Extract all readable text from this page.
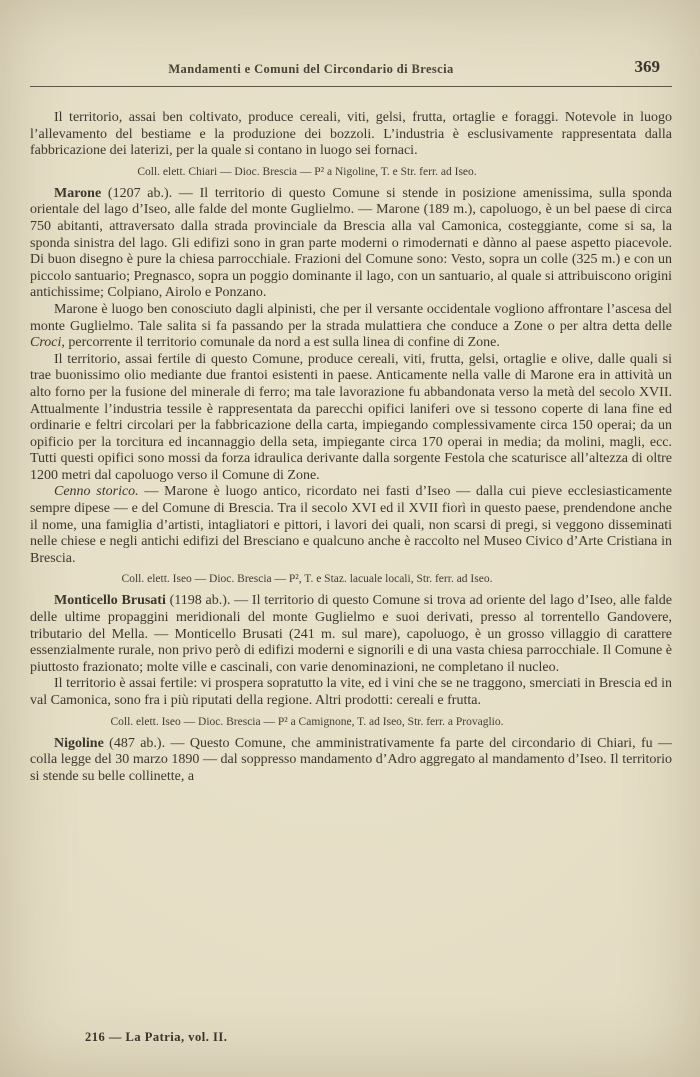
Mandamenti e Comuni del Circondario di Brescia	369

Il territorio, assai ben coltivato, produce cereali, viti, gelsi, frutta, ortaglie e foraggi. Notevole in luogo l’allevamento del bestiame e la produzione dei bozzoli. L’industria è esclusivamente rappresentata dalla fabbricazione dei laterizi, per la quale si contano in luogo sei fornaci.

Coll. elett. Chiari — Dioc. Brescia — P² a Nigoline, T. e Str. ferr. ad Iseo.

Marone (1207 ab.). — Il territorio di questo Comune si stende in posizione amenissima, sulla sponda orientale del lago d’Iseo, alle falde del monte Guglielmo. — Marone (189 m.), capoluogo, è un bel paese di circa 750 abitanti, attraversato dalla strada provinciale da Brescia alla val Camonica, costeggiante, come si sa, la sponda sinistra del lago. Gli edifizi sono in gran parte moderni o rimodernati e dànno al paese aspetto piacevole. Di buon disegno è pure la chiesa parrocchiale. Frazioni del Comune sono: Vesto, sopra un colle (325 m.) e con un piccolo santuario; Pregnasco, sopra un poggio dominante il lago, con un santuario, al quale si attribuiscono origini antichissime; Colpiano, Airolo e Ponzano.

Marone è luogo ben conosciuto dagli alpinisti, che per il versante occidentale vogliono affrontare l’ascesa del monte Guglielmo. Tale salita si fa passando per la strada mulattiera che conduce a Zone o per altra detta delle Croci, percorrente il territorio comunale da nord a est sulla linea di confine di Zone.

Il territorio, assai fertile di questo Comune, produce cereali, viti, frutta, gelsi, ortaglie e olive, dalle quali si trae buonissimo olio mediante due frantoi esistenti in paese. Anticamente nella valle di Marone era in attività un alto forno per la fusione del minerale di ferro; ma tale lavorazione fu abbandonata verso la metà del secolo XVII. Attualmente l’industria tessile è rappresentata da parecchi opifici laniferi ove si tessono coperte di lana fine ed ordinarie e feltri circolari per la fabbricazione della carta, impiegando complessivamente circa 150 operai; da un opificio per la torcitura ed incannaggio della seta, impiegante circa 170 operai in media; da molini, magli, ecc. Tutti questi opifici sono mossi da forza idraulica derivante dalla sorgente Festola che scaturisce all’altezza di oltre 1200 metri dal capoluogo verso il Comune di Zone.

Cenno storico. — Marone è luogo antico, ricordato nei fasti d’Iseo — dalla cui pieve ecclesiasticamente sempre dipese — e del Comune di Brescia. Tra il secolo XVI ed il XVII fiorì in questo paese, prendendone anche il nome, una famiglia d’artisti, intagliatori e pittori, i lavori dei quali, non scarsi di pregi, si veggono disseminati nelle chiese e negli antichi edifizi del Bresciano e qualcuno anche è raccolto nel Museo Civico d’Arte Cristiana in Brescia.

Coll. elett. Iseo — Dioc. Brescia — P², T. e Staz. lacuale locali, Str. ferr. ad Iseo.

Monticello Brusati (1198 ab.). — Il territorio di questo Comune si trova ad oriente del lago d’Iseo, alle falde delle ultime propaggini meridionali del monte Guglielmo e suoi derivati, presso al torrentello Gandovere, tributario del Mella. — Monticello Brusati (241 m. sul mare), capoluogo, è un grosso villaggio di carattere essenzialmente rurale, non privo però di edifizi moderni e signorili e di una vasta chiesa parrocchiale. Il Comune è piuttosto frazionato; molte ville e cascinali, con varie denominazioni, ne completano il nucleo.

Il territorio è assai fertile: vi prospera sopratutto la vite, ed i vini che se ne traggono, smerciati in Brescia ed in val Camonica, sono fra i più riputati della regione. Altri prodotti: cereali e frutta.

Coll. elett. Iseo — Dioc. Brescia — P² a Camignone, T. ad Iseo, Str. ferr. a Provaglio.

Nigoline (487 ab.). — Questo Comune, che amministrativamente fa parte del circondario di Chiari, fu — colla legge del 30 marzo 1890 — dal soppresso mandamento d’Adro aggregato al mandamento d’Iseo. Il territorio si stende su belle collinette, a

216 — La Patria, vol. II.
